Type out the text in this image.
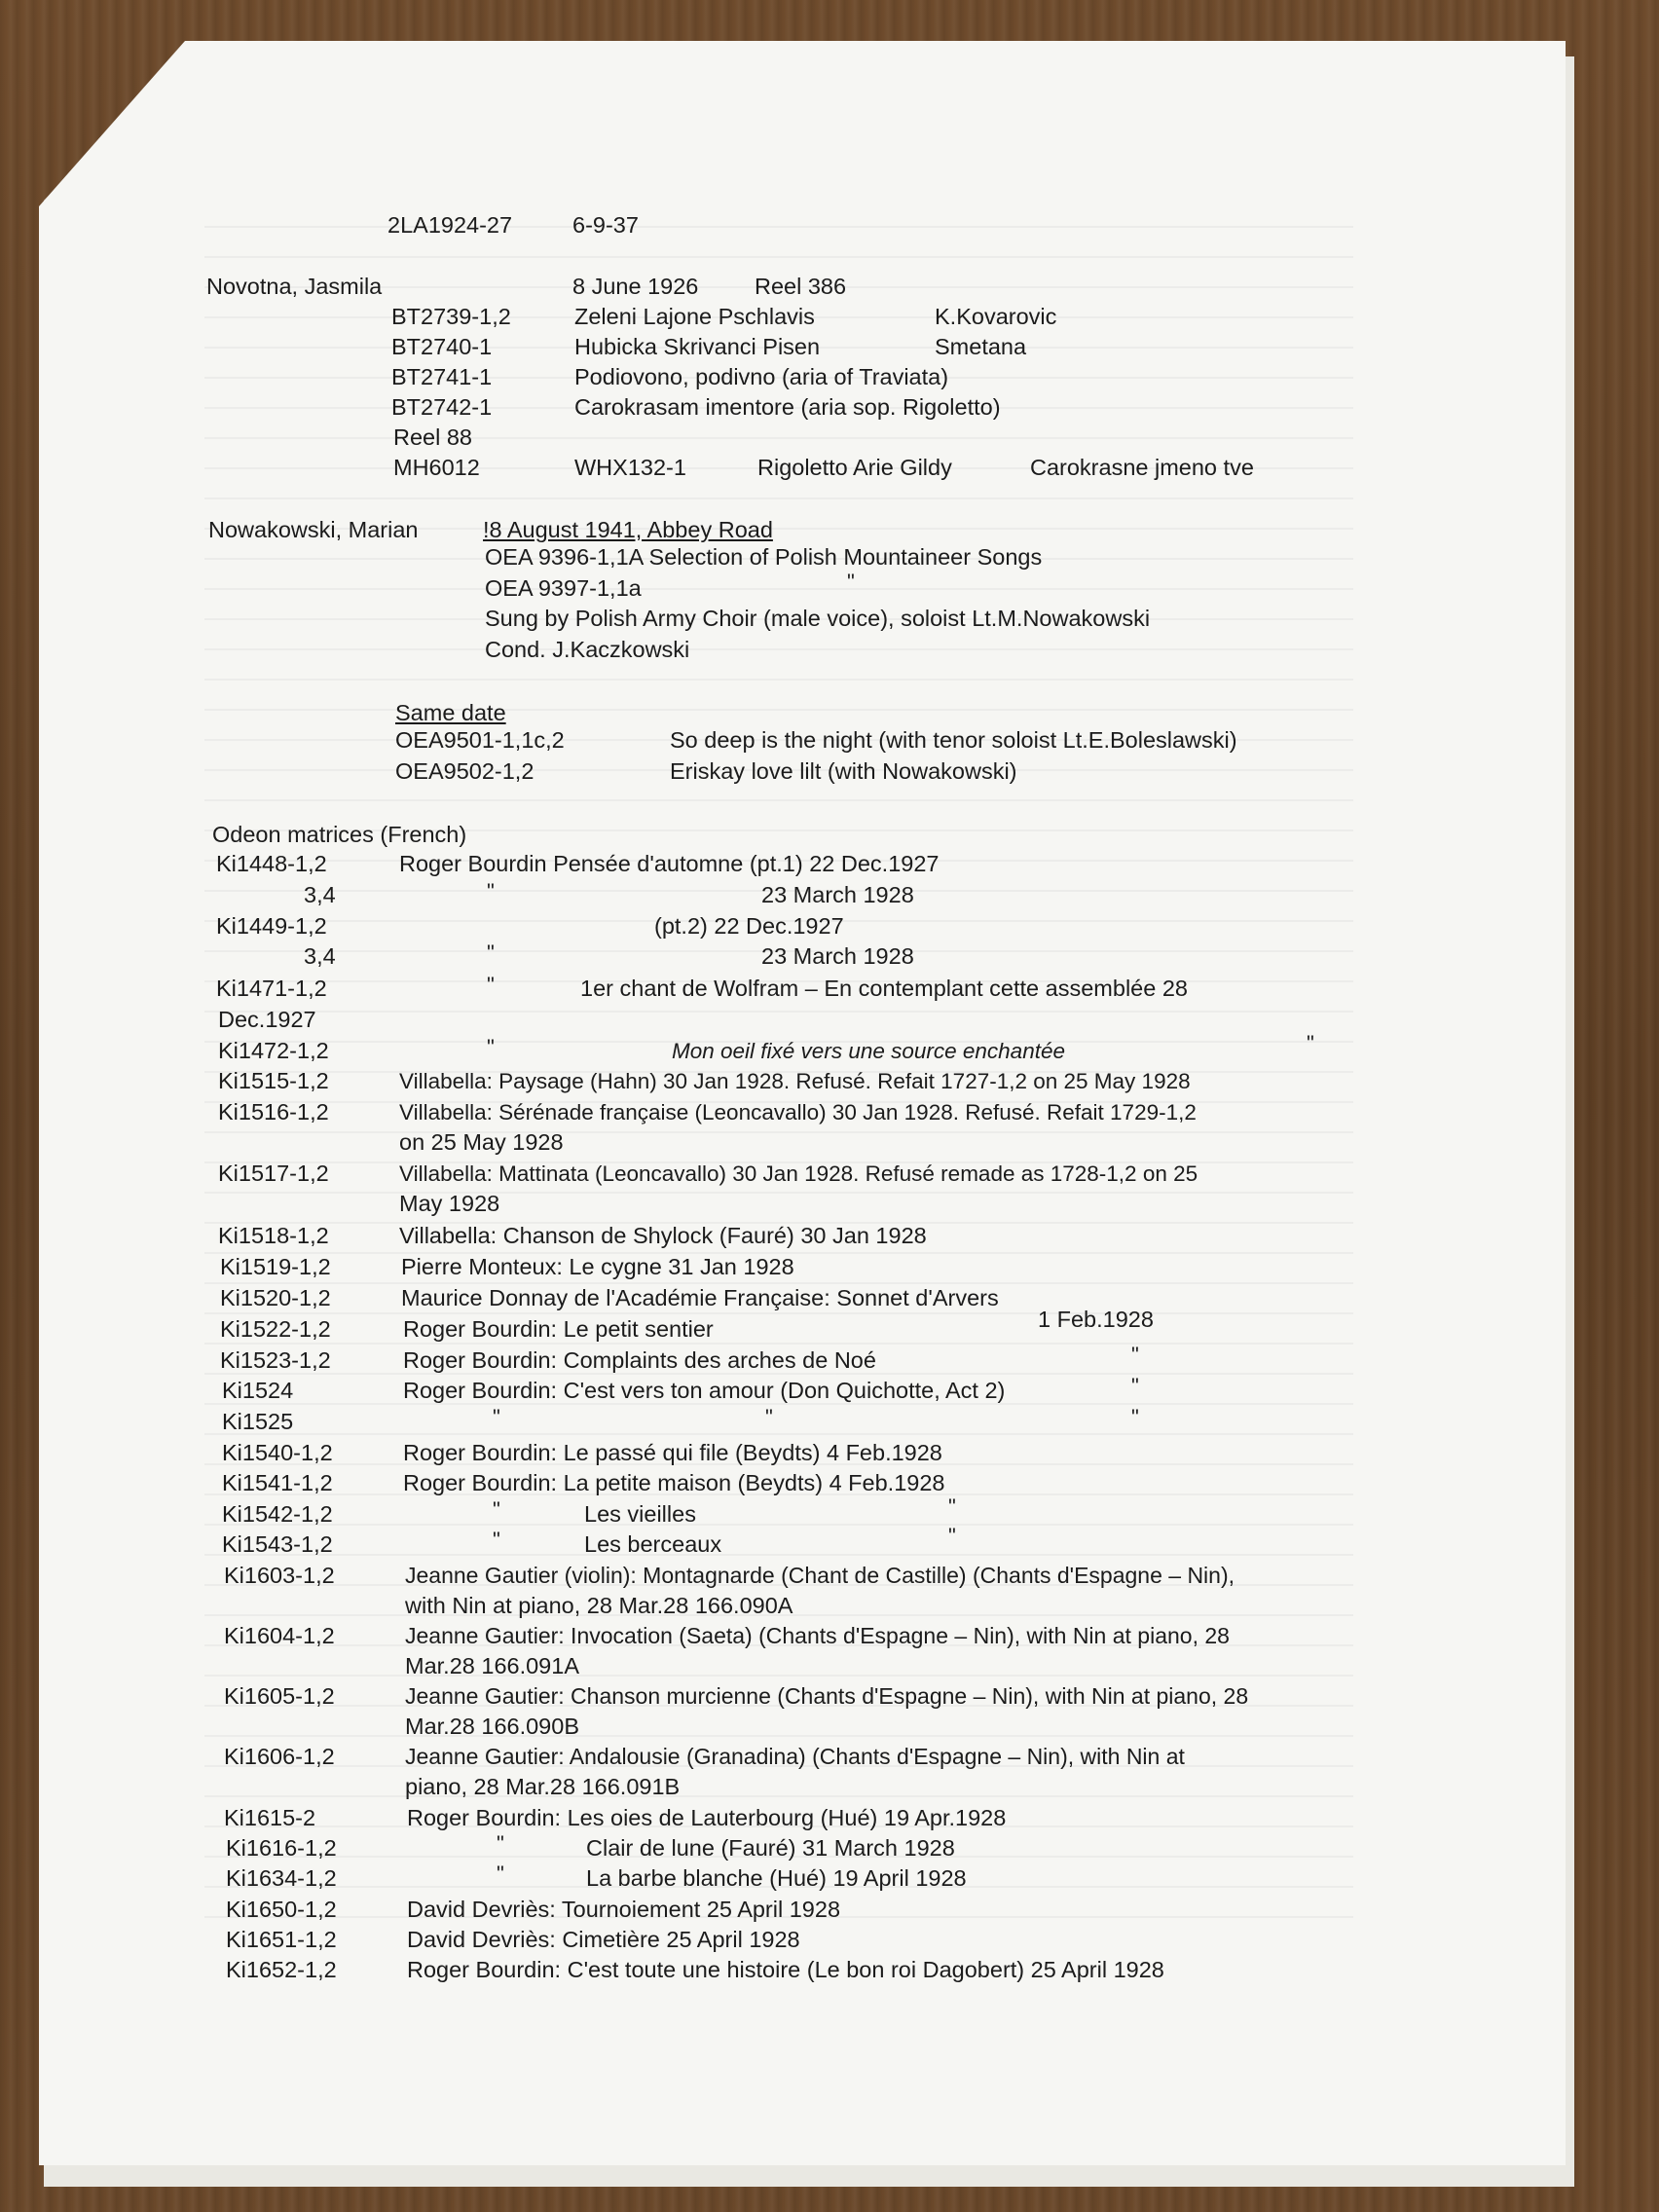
2LA1924-27	6-9-37
Novotna, Jasmila	8 June 1926 Reel 386
BT2739-1,2	Zeleni Lajone Pschlavis	K.Kovarovic
BT2740-1	Hubicka Skrivanci Pisen	Smetana
BT2741-1	Podiovono, podivno (aria of Traviata)
BT2742-1	Carokrasam imentore (aria sop. Rigoletto)
Reel 88
MH6012	WHX132-1	Rigoletto Arie Gildy	Carokrasne jmeno tve
Nowakowski, Marian	!8 August 1941, Abbey Road
OEA 9396-1,1A Selection of Polish Mountaineer Songs
OEA 9397-1,1a	"
Sung by Polish Army Choir (male voice), soloist Lt.M.Nowakowski
Cond. J.Kaczkowski
Same date
OEA9501-1,1c,2	So deep is the night (with tenor soloist Lt.E.Boleslawski)
OEA9502-1,2	Eriskay love lilt (with Nowakowski)
Odeon matrices (French)
Ki1448-1,2	Roger Bourdin Pensée d'automne (pt.1) 22 Dec.1927
3,4	"	23 March 1928
Ki1449-1,2	(pt.2) 22 Dec.1927
3,4	"	23 March 1928
Ki1471-1,2	"	1er chant de Wolfram – En contemplant cette assemblée 28
Dec.1927
Ki1472-1,2	"	Mon oeil fixé vers une source enchantée	"
Ki1515-1,2	Villabella: Paysage (Hahn) 30 Jan 1928. Refusé. Refait 1727-1,2 on 25 May 1928
Ki1516-1,2	Villabella: Sérénade française (Leoncavallo) 30 Jan 1928. Refusé. Refait 1729-1,2
on 25 May 1928
Ki1517-1,2	Villabella: Mattinata (Leoncavallo) 30 Jan 1928. Refusé remade as 1728-1,2 on 25
May 1928
Ki1518-1,2	Villabella: Chanson de Shylock (Fauré) 30 Jan 1928
Ki1519-1,2	Pierre Monteux: Le cygne 31 Jan 1928
Ki1520-1,2	Maurice Donnay de l'Académie Française: Sonnet d'Arvers
Ki1522-1,2	Roger Bourdin: Le petit sentier	1 Feb.1928
Ki1523-1,2	Roger Bourdin: Complaints des arches de Noé	"
Ki1524	Roger Bourdin: C'est vers ton amour (Don Quichotte, Act 2)	"
Ki1525	"	"	"
Ki1540-1,2	Roger Bourdin: Le passé qui file (Beydts) 4 Feb.1928
Ki1541-1,2	Roger Bourdin: La petite maison (Beydts) 4 Feb.1928
Ki1542-1,2	"	Les vieilles	"
Ki1543-1,2	"	Les berceaux	"
Ki1603-1,2	Jeanne Gautier (violin): Montagnarde (Chant de Castille) (Chants d'Espagne – Nin),
with Nin at piano, 28 Mar.28 166.090A
Ki1604-1,2	Jeanne Gautier: Invocation (Saeta) (Chants d'Espagne – Nin), with Nin at piano, 28
Mar.28 166.091A
Ki1605-1,2	Jeanne Gautier: Chanson murcienne (Chants d'Espagne – Nin), with Nin at piano, 28
Mar.28 166.090B
Ki1606-1,2	Jeanne Gautier: Andalousie (Granadina) (Chants d'Espagne – Nin), with Nin at
piano, 28 Mar.28 166.091B
Ki1615-2	Roger Bourdin: Les oies de Lauterbourg (Hué) 19 Apr.1928
Ki1616-1,2	"	Clair de lune (Fauré) 31 March 1928
Ki1634-1,2	"	La barbe blanche (Hué) 19 April 1928
Ki1650-1,2	David Devriès: Tournoiement 25 April 1928
Ki1651-1,2	David Devriès: Cimetière 25 April 1928
Ki1652-1,2	Roger Bourdin: C'est toute une histoire (Le bon roi Dagobert) 25 April 1928
